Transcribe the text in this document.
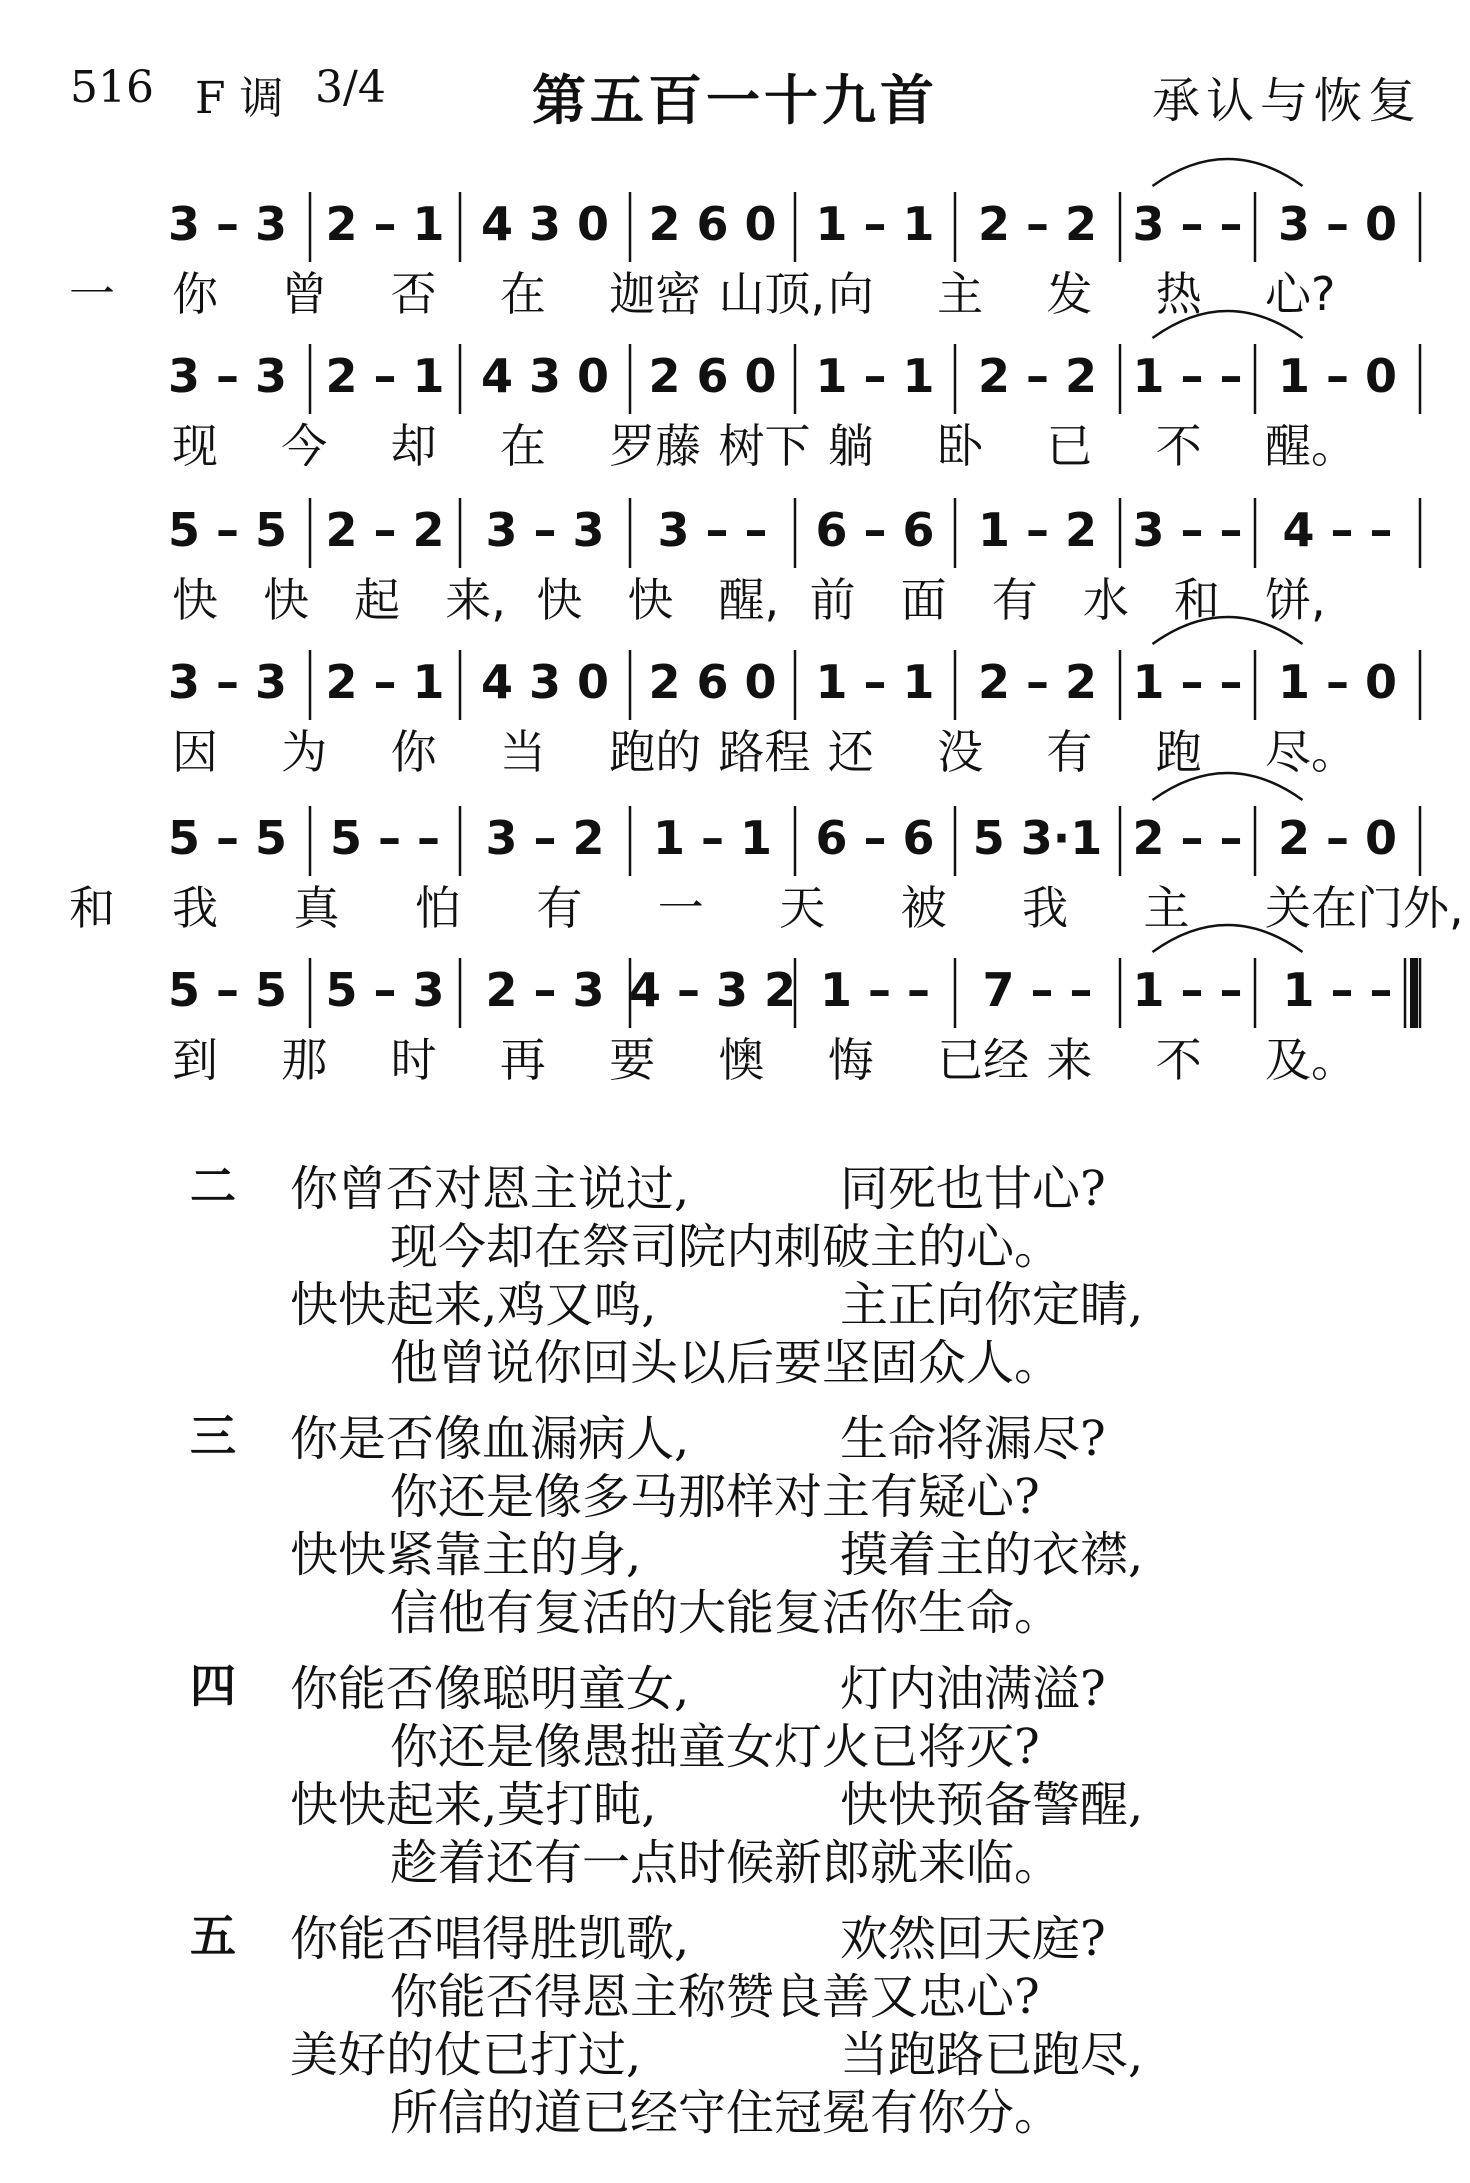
516 F 调 3/4	第五百一十九首	承认与恢复
3 – 3 2 – 1 4 3 0 2 6 0 1 – 1 2 – 2 3 – – 3 – 0
一 你 曾 否 在 迦密 山顶, 向 主 发 热 心?
3 – 3 2 – 1 4 3 0 2 6 0 1 – 1 2 – 2 1 – – 1 – 0
现 今 却 在 罗藤 树下 躺 卧 已 不 醒。
5 – 5 2 – 2 3 – 3 3 – – 6 – 6 1 – 2 3 – – 4 – –
快 快 起 来, 快 快 醒, 前 面 有 水 和 饼,
3 – 3 2 – 1 4 3 0 2 6 0 1 – 1 2 – 2 1 – – 1 – 0
因 为 你 当 跑的 路程 还 没 有 跑 尽。
5 – 5 5 – – 3 – 2 1 – 1 6 – 6 5 3·1 2 – – 2 – 0
和 我 真 怕 有 一 天 被 我 主 关在门外,
5 – 5 5 – 3 2 – 3 4 – 3 2 1 – – 7 – – 1 – – 1 – –
到 那 时 再 要 懊 悔 已经 来 不 及。
二 你曾否对恩主说过,	同死也甘心?
现今却在祭司院内刺破主的心。
快快起来,鸡又鸣,	主正向你定睛,
他曾说你回头以后要坚固众人。
三 你是否像血漏病人,	生命将漏尽?
你还是像多马那样对主有疑心?
快快紧靠主的身,	摸着主的衣襟,
信他有复活的大能复活你生命。
四 你能否像聪明童女,	灯内油满溢?
你还是像愚拙童女灯火已将灭?
快快起来,莫打盹,	快快预备警醒,
趁着还有一点时候新郎就来临。
五 你能否唱得胜凯歌,	欢然回天庭?
你能否得恩主称赞良善又忠心?
美好的仗已打过,	当跑路已跑尽,
所信的道已经守住冠冕有你分。
